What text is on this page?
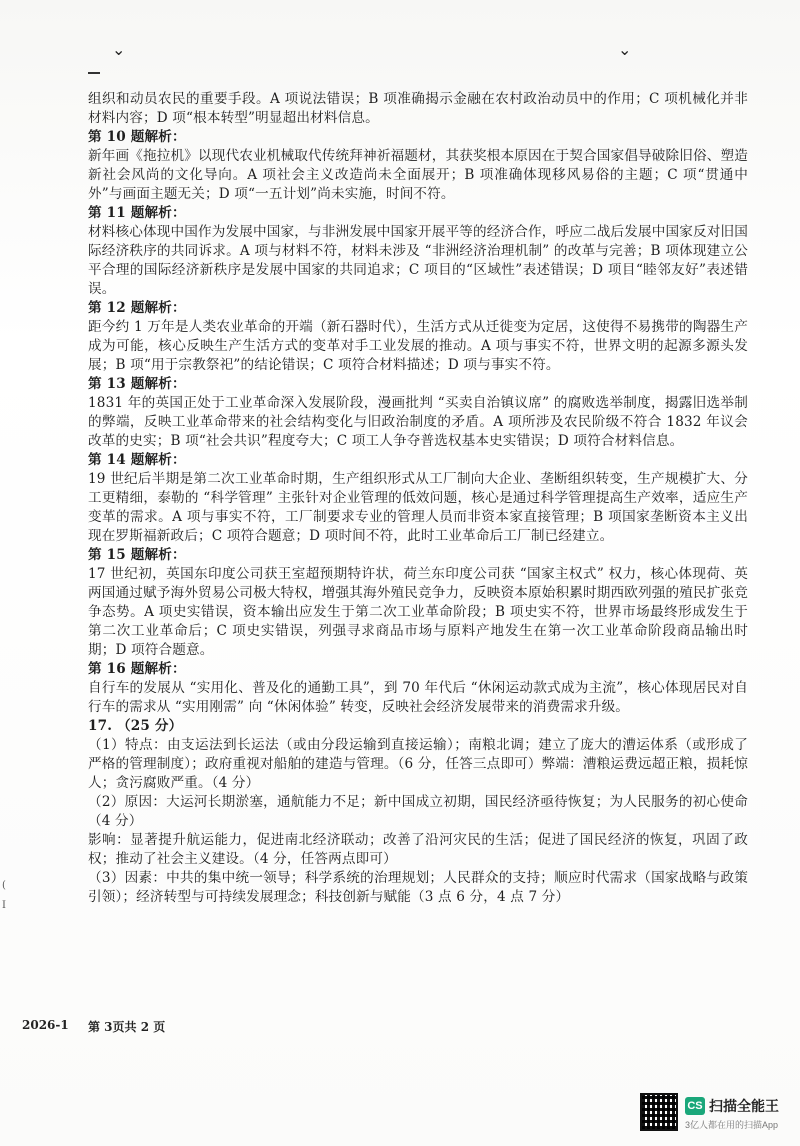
⌄	⌄

组织和动员农民的重要手段。A 项说法错误；B 项准确揭示金融在农村政治动员中的作用；C 项机械化并非材料内容；D 项“根本转型”明显超出材料信息。

第 10 题解析：

新年画《拖拉机》以现代农业机械取代传统拜神祈福题材，其获奖根本原因在于契合国家倡导破除旧俗、塑造新社会风尚的文化导向。A 项社会主义改造尚未全面展开；B 项准确体现移风易俗的主题；C 项“贯通中外”与画面主题无关；D 项“一五计划”尚未实施，时间不符。

第 11 题解析：

材料核心体现中国作为发展中国家，与非洲发展中国家开展平等的经济合作，呼应二战后发展中国家反对旧国际经济秩序的共同诉求。A 项与材料不符，材料未涉及 “非洲经济治理机制” 的改革与完善；B 项体现建立公平合理的国际经济新秩序是发展中国家的共同追求；C 项目的“区域性”表述错误；D 项目“睦邻友好”表述错误。

第 12 题解析：

距今约 1 万年是人类农业革命的开端（新石器时代），生活方式从迁徙变为定居，这使得不易携带的陶器生产成为可能，核心反映生产生活方式的变革对手工业发展的推动。A 项与事实不符，世界文明的起源多源头发展；B 项“用于宗教祭祀”的结论错误；C 项符合材料描述；D 项与事实不符。

第 13 题解析：

1831 年的英国正处于工业革命深入发展阶段，漫画批判 “买卖自治镇议席” 的腐败选举制度，揭露旧选举制的弊端，反映工业革命带来的社会结构变化与旧政治制度的矛盾。A 项所涉及农民阶级不符合 1832 年议会改革的史实；B 项“社会共识”程度夸大；C 项工人争夺普选权基本史实错误；D 项符合材料信息。

第 14 题解析：

19 世纪后半期是第二次工业革命时期，生产组织形式从工厂制向大企业、垄断组织转变，生产规模扩大、分工更精细，泰勒的 “科学管理” 主张针对企业管理的低效问题，核心是通过科学管理提高生产效率，适应生产变革的需求。A 项与事实不符，工厂制要求专业的管理人员而非资本家直接管理；B 项国家垄断资本主义出现在罗斯福新政后；C 项符合题意；D 项时间不符，此时工业革命后工厂制已经建立。

第 15 题解析：

17 世纪初，英国东印度公司获王室超预期特许状，荷兰东印度公司获 “国家主权式” 权力，核心体现荷、英两国通过赋予海外贸易公司极大特权，增强其海外殖民竞争力，反映资本原始积累时期西欧列强的殖民扩张竞争态势。A 项史实错误，资本输出应发生于第二次工业革命阶段；B 项史实不符，世界市场最终形成发生于第二次工业革命后；C 项史实错误，列强寻求商品市场与原料产地发生在第一次工业革命阶段商品输出时期；D 项符合题意。

第 16 题解析：

自行车的发展从 “实用化、普及化的通勤工具”，到 70 年代后 “休闲运动款式成为主流”，核心体现居民对自行车的需求从 “实用刚需” 向 “休闲体验” 转变，反映社会经济发展带来的消费需求升级。

17. （25 分）

（1）特点：由支运法到长运法（或由分段运输到直接运输）；南粮北调；建立了庞大的漕运体系（或形成了严格的管理制度）；政府重视对船舶的建造与管理。（6 分，任答三点即可）弊端：漕粮运费远超正粮，损耗惊人；贪污腐败严重。（4 分）

（2）原因：大运河长期淤塞，通航能力不足；新中国成立初期，国民经济亟待恢复；为人民服务的初心使命（4 分）

影响：显著提升航运能力，促进南北经济联动；改善了沿河灾民的生活；促进了国民经济的恢复，巩固了政权；推动了社会主义建设。（4 分，任答两点即可）

（3）因素：中共的集中统一领导；科学系统的治理规划；人民群众的支持；顺应时代需求（国家战略与政策引领）；经济转型与可持续发展理念；科技创新与赋能（3 点 6 分，4 点 7 分）

(
I
2026-1 第 3页共 2 页
CS 扫描全能王
3亿人都在用的扫描App
